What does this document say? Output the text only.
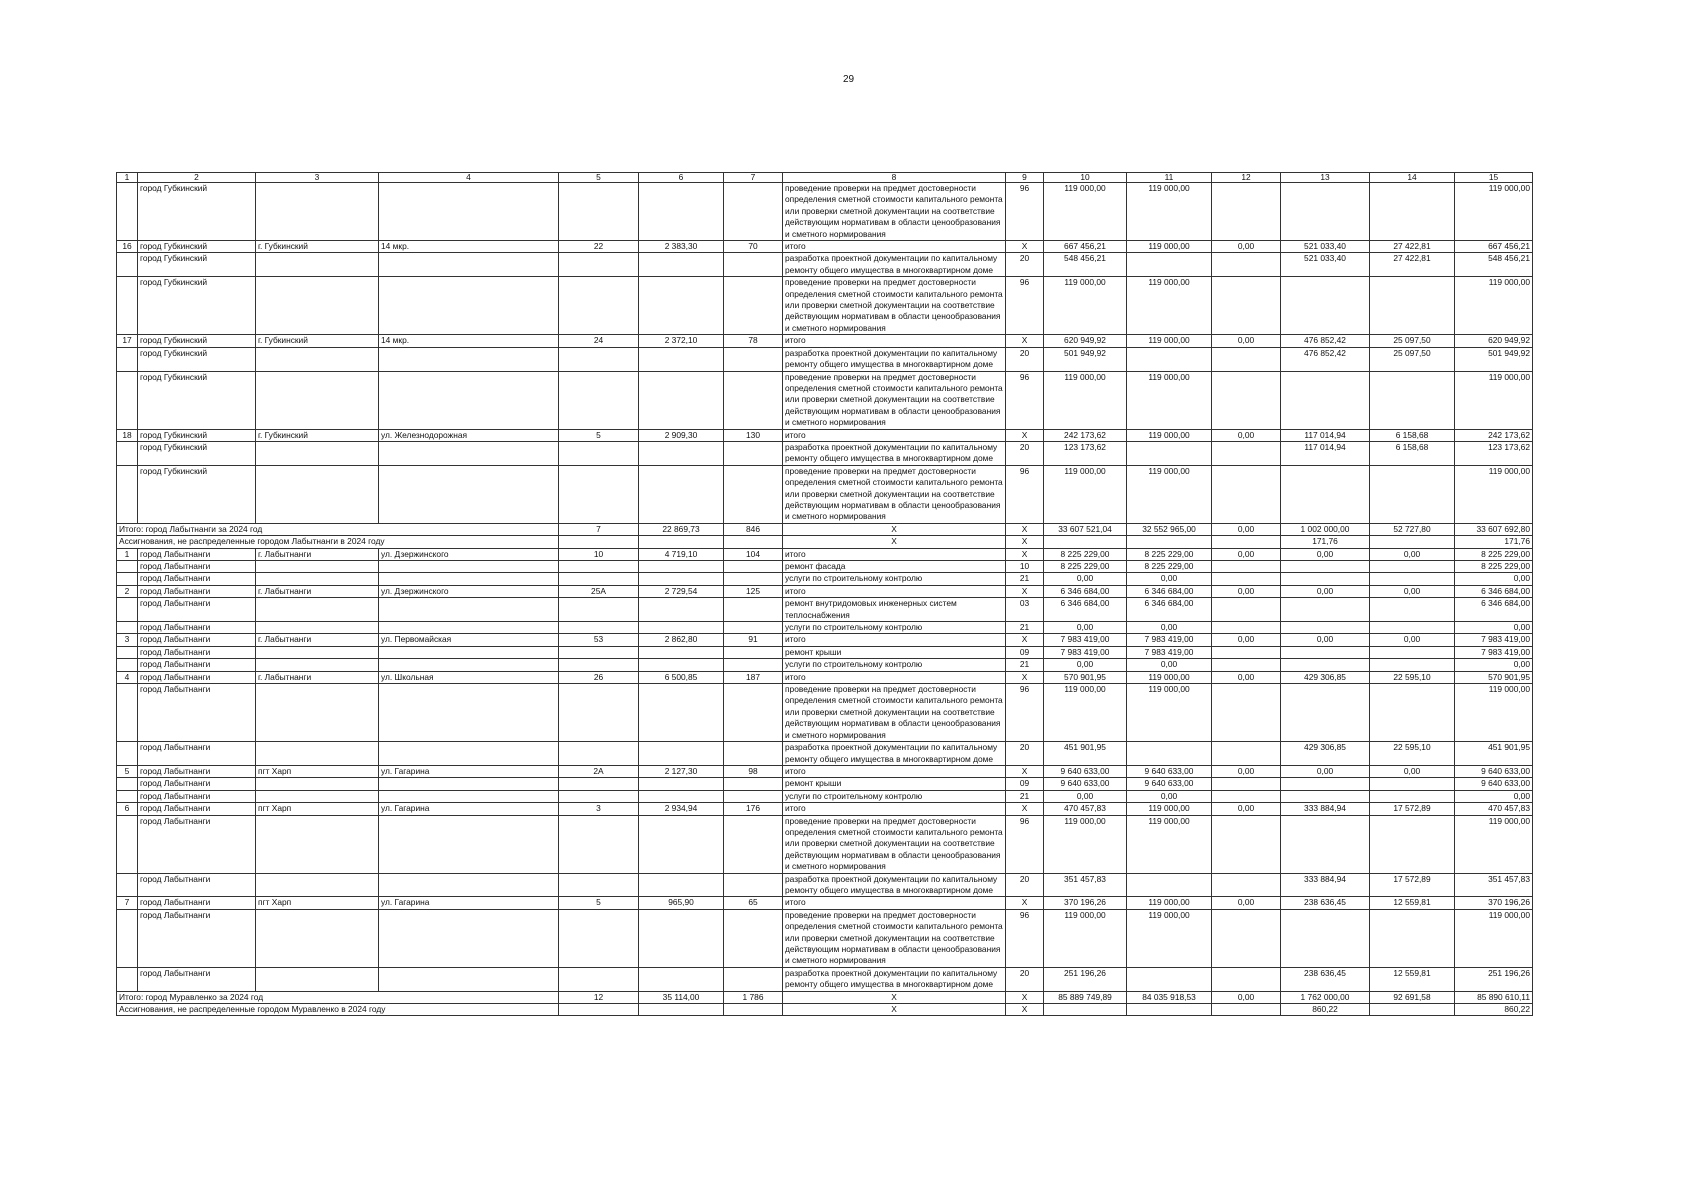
29
1	2	3	4	5	6	7	8	9	10	11	12	13	14	15
	город Губкинский						проведение проверки на предмет достоверности определения сметной стоимости капитального ремонта или проверки сметной документации на соответствие действующим нормативам в области ценообразования и сметного нормирования	96	119 000,00	119 000,00				119 000,00
16	город Губкинский	г. Губкинский	14 мкр.	22	2 383,30	70	итого	X	667 456,21	119 000,00	0,00	521 033,40	27 422,81	667 456,21
	город Губкинский						разработка проектной документации по капитальному ремонту общего имущества в многоквартирном доме	20	548 456,21			521 033,40	27 422,81	548 456,21
	город Губкинский						проведение проверки на предмет достоверности определения сметной стоимости капитального ремонта или проверки сметной документации на соответствие действующим нормативам в области ценообразования и сметного нормирования	96	119 000,00	119 000,00				119 000,00
17	город Губкинский	г. Губкинский	14 мкр.	24	2 372,10	78	итого	X	620 949,92	119 000,00	0,00	476 852,42	25 097,50	620 949,92
	город Губкинский						разработка проектной документации по капитальному ремонту общего имущества в многоквартирном доме	20	501 949,92			476 852,42	25 097,50	501 949,92
	город Губкинский						проведение проверки на предмет достоверности определения сметной стоимости капитального ремонта или проверки сметной документации на соответствие действующим нормативам в области ценообразования и сметного нормирования	96	119 000,00	119 000,00				119 000,00
18	город Губкинский	г. Губкинский	ул. Железнодорожная	5	2 909,30	130	итого	X	242 173,62	119 000,00	0,00	117 014,94	6 158,68	242 173,62
	город Губкинский						разработка проектной документации по капитальному ремонту общего имущества в многоквартирном доме	20	123 173,62			117 014,94	6 158,68	123 173,62
	город Губкинский						проведение проверки на предмет достоверности определения сметной стоимости капитального ремонта или проверки сметной документации на соответствие действующим нормативам в области ценообразования и сметного нормирования	96	119 000,00	119 000,00				119 000,00
Итого: город Лабытнанги за 2024 год				7	22 869,73	846	X	X	33 607 521,04	32 552 965,00	0,00	1 002 000,00	52 727,80	33 607 692,80
Ассигнования, не распределенные городом Лабытнанги в 2024 году							X	X				171,76		171,76
1	город Лабытнанги	г. Лабытнанги	ул. Дзержинского	10	4 719,10	104	итого	X	8 225 229,00	8 225 229,00	0,00	0,00	0,00	8 225 229,00
	город Лабытнанги						ремонт фасада	10	8 225 229,00	8 225 229,00				8 225 229,00
	город Лабытнанги						услуги по строительному контролю	21	0,00	0,00				0,00
2	город Лабытнанги	г. Лабытнанги	ул. Дзержинского	25А	2 729,54	125	итого	X	6 346 684,00	6 346 684,00	0,00	0,00	0,00	6 346 684,00
	город Лабытнанги						ремонт внутридомовых инженерных систем теплоснабжения	03	6 346 684,00	6 346 684,00				6 346 684,00
	город Лабытнанги						услуги по строительному контролю	21	0,00	0,00				0,00
3	город Лабытнанги	г. Лабытнанги	ул. Первомайская	53	2 862,80	91	итого	X	7 983 419,00	7 983 419,00	0,00	0,00	0,00	7 983 419,00
	город Лабытнанги						ремонт крыши	09	7 983 419,00	7 983 419,00				7 983 419,00
	город Лабытнанги						услуги по строительному контролю	21	0,00	0,00				0,00
4	город Лабытнанги	г. Лабытнанги	ул. Школьная	26	6 500,85	187	итого	X	570 901,95	119 000,00	0,00	429 306,85	22 595,10	570 901,95
	город Лабытнанги						проведение проверки на предмет достоверности определения сметной стоимости капитального ремонта или проверки сметной документации на соответствие действующим нормативам в области ценообразования и сметного нормирования	96	119 000,00	119 000,00				119 000,00
	город Лабытнанги						разработка проектной документации по капитальному ремонту общего имущества в многоквартирном доме	20	451 901,95			429 306,85	22 595,10	451 901,95
5	город Лабытнанги	пгт Харп	ул. Гагарина	2А	2 127,30	98	итого	X	9 640 633,00	9 640 633,00	0,00	0,00	0,00	9 640 633,00
	город Лабытнанги						ремонт крыши	09	9 640 633,00	9 640 633,00				9 640 633,00
	город Лабытнанги						услуги по строительному контролю	21	0,00	0,00				0,00
6	город Лабытнанги	пгт Харп	ул. Гагарина	3	2 934,94	176	итого	X	470 457,83	119 000,00	0,00	333 884,94	17 572,89	470 457,83
	город Лабытнанги						проведение проверки на предмет достоверности определения сметной стоимости капитального ремонта или проверки сметной документации на соответствие действующим нормативам в области ценообразования и сметного нормирования	96	119 000,00	119 000,00				119 000,00
	город Лабытнанги						разработка проектной документации по капитальному ремонту общего имущества в многоквартирном доме	20	351 457,83			333 884,94	17 572,89	351 457,83
7	город Лабытнанги	пгт Харп	ул. Гагарина	5	965,90	65	итого	X	370 196,26	119 000,00	0,00	238 636,45	12 559,81	370 196,26
	город Лабытнанги						проведение проверки на предмет достоверности определения сметной стоимости капитального ремонта или проверки сметной документации на соответствие действующим нормативам в области ценообразования и сметного нормирования	96	119 000,00	119 000,00				119 000,00
	город Лабытнанги						разработка проектной документации по капитальному ремонту общего имущества в многоквартирном доме	20	251 196,26			238 636,45	12 559,81	251 196,26
Итого: город Муравленко за 2024 год				12	35 114,00	1 786	X	X	85 889 749,89	84 035 918,53	0,00	1 762 000,00	92 691,58	85 890 610,11
Ассигнования, не распределенные городом Муравленко в 2024 году							X	X				860,22		860,22
